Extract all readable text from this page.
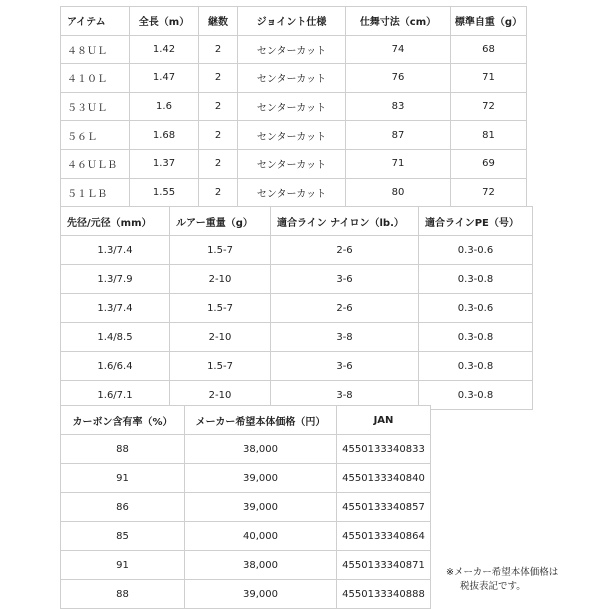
アイテム	全長（m）	継数	ジョイント仕様	仕舞寸法（cm）	標準自重（g）
４８ＵＬ	1.42	2	センターカット	74	68
４１０Ｌ	1.47	2	センターカット	76	71
５３ＵＬ	1.6	2	センターカット	83	72
５６Ｌ	1.68	2	センターカット	87	81
４６ＵＬＢ	1.37	2	センターカット	71	69
５１ＬＢ	1.55	2	センターカット	80	72
先径/元径（mm）	ルアー重量（g）	適合ライン ナイロン（lb.）	適合ラインPE（号）
1.3/7.4	1.5-7	2-6	0.3-0.6
1.3/7.9	2-10	3-6	0.3-0.8
1.3/7.4	1.5-7	2-6	0.3-0.6
1.4/8.5	2-10	3-8	0.3-0.8
1.6/6.4	1.5-7	3-6	0.3-0.8
1.6/7.1	2-10	3-8	0.3-0.8
カーボン含有率（%）	メーカー希望本体価格（円）	JAN
88	38,000	4550133340833
91	39,000	4550133340840
86	39,000	4550133340857
85	40,000	4550133340864
91	38,000	4550133340871
88	39,000	4550133340888
※メーカー希望本体価格は
税抜表記です。
